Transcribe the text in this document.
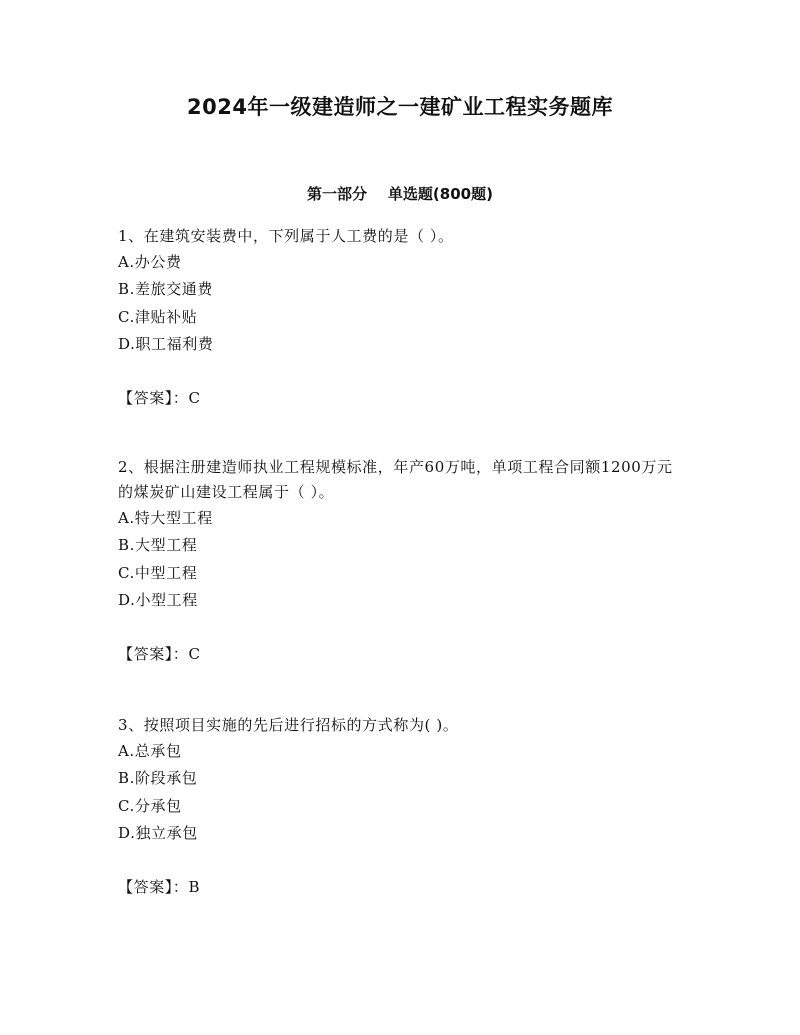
2024年一级建造师之一建矿业工程实务题库
第一部分    单选题(800题)
1、在建筑安装费中，下列属于人工费的是（ ）。
A.办公费
B.差旅交通费
C.津贴补贴
D.职工福利费
【答案】：C
2、根据注册建造师执业工程规模标准，年产60万吨，单项工程合同额1200万元的煤炭矿山建设工程属于（ ）。
A.特大型工程
B.大型工程
C.中型工程
D.小型工程
【答案】：C
3、按照项目实施的先后进行招标的方式称为( )。
A.总承包
B.阶段承包
C.分承包
D.独立承包
【答案】：B
